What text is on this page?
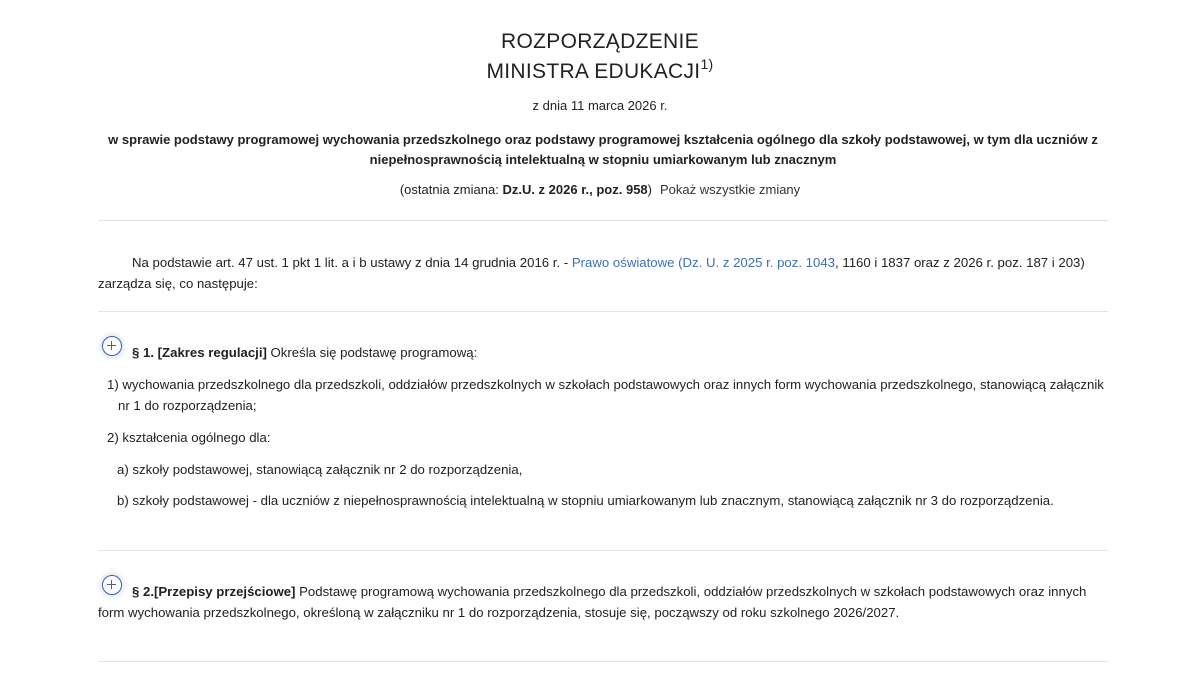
ROZPORZĄDZENIE
MINISTRA EDUKACJI$^{1)}$
z dnia 11 marca 2026 r.
w sprawie podstawy programowej wychowania przedszkolnego oraz podstawy programowej kształcenia ogólnego dla szkoły podstawowej, w tym dla uczniów z niepełnosprawnością intelektualną w stopniu umiarkowanym lub znacznym
(ostatnia zmiana: Dz.U. z 2026 r., poz. 958) Pokaż wszystkie zmiany
Na podstawie art. 47 ust. 1 pkt 1 lit. a i b ustawy z dnia 14 grudnia 2016 r. - Prawo oświatowe (Dz. U. z 2025 r. poz. 1043, 1160 i 1837 oraz z 2026 r. poz. 187 i 203) zarządza się, co następuje:
§ 1. [Zakres regulacji] Określa się podstawę programową:
1) wychowania przedszkolnego dla przedszkoli, oddziałów przedszkolnych w szkołach podstawowych oraz innych form wychowania przedszkolnego, stanowiącą załącznik nr 1 do rozporządzenia;
2) kształcenia ogólnego dla:
a) szkoły podstawowej, stanowiącą załącznik nr 2 do rozporządzenia,
b) szkoły podstawowej - dla uczniów z niepełnosprawnością intelektualną w stopniu umiarkowanym lub znacznym, stanowiącą załącznik nr 3 do rozporządzenia.
§ 2.[Przepisy przejściowe] Podstawę programową wychowania przedszkolnego dla przedszkoli, oddziałów przedszkolnych w szkołach podstawowych oraz innych form wychowania przedszkolnego, określoną w załączniku nr 1 do rozporządzenia, stosuje się, począwszy od roku szkolnego 2026/2027.
